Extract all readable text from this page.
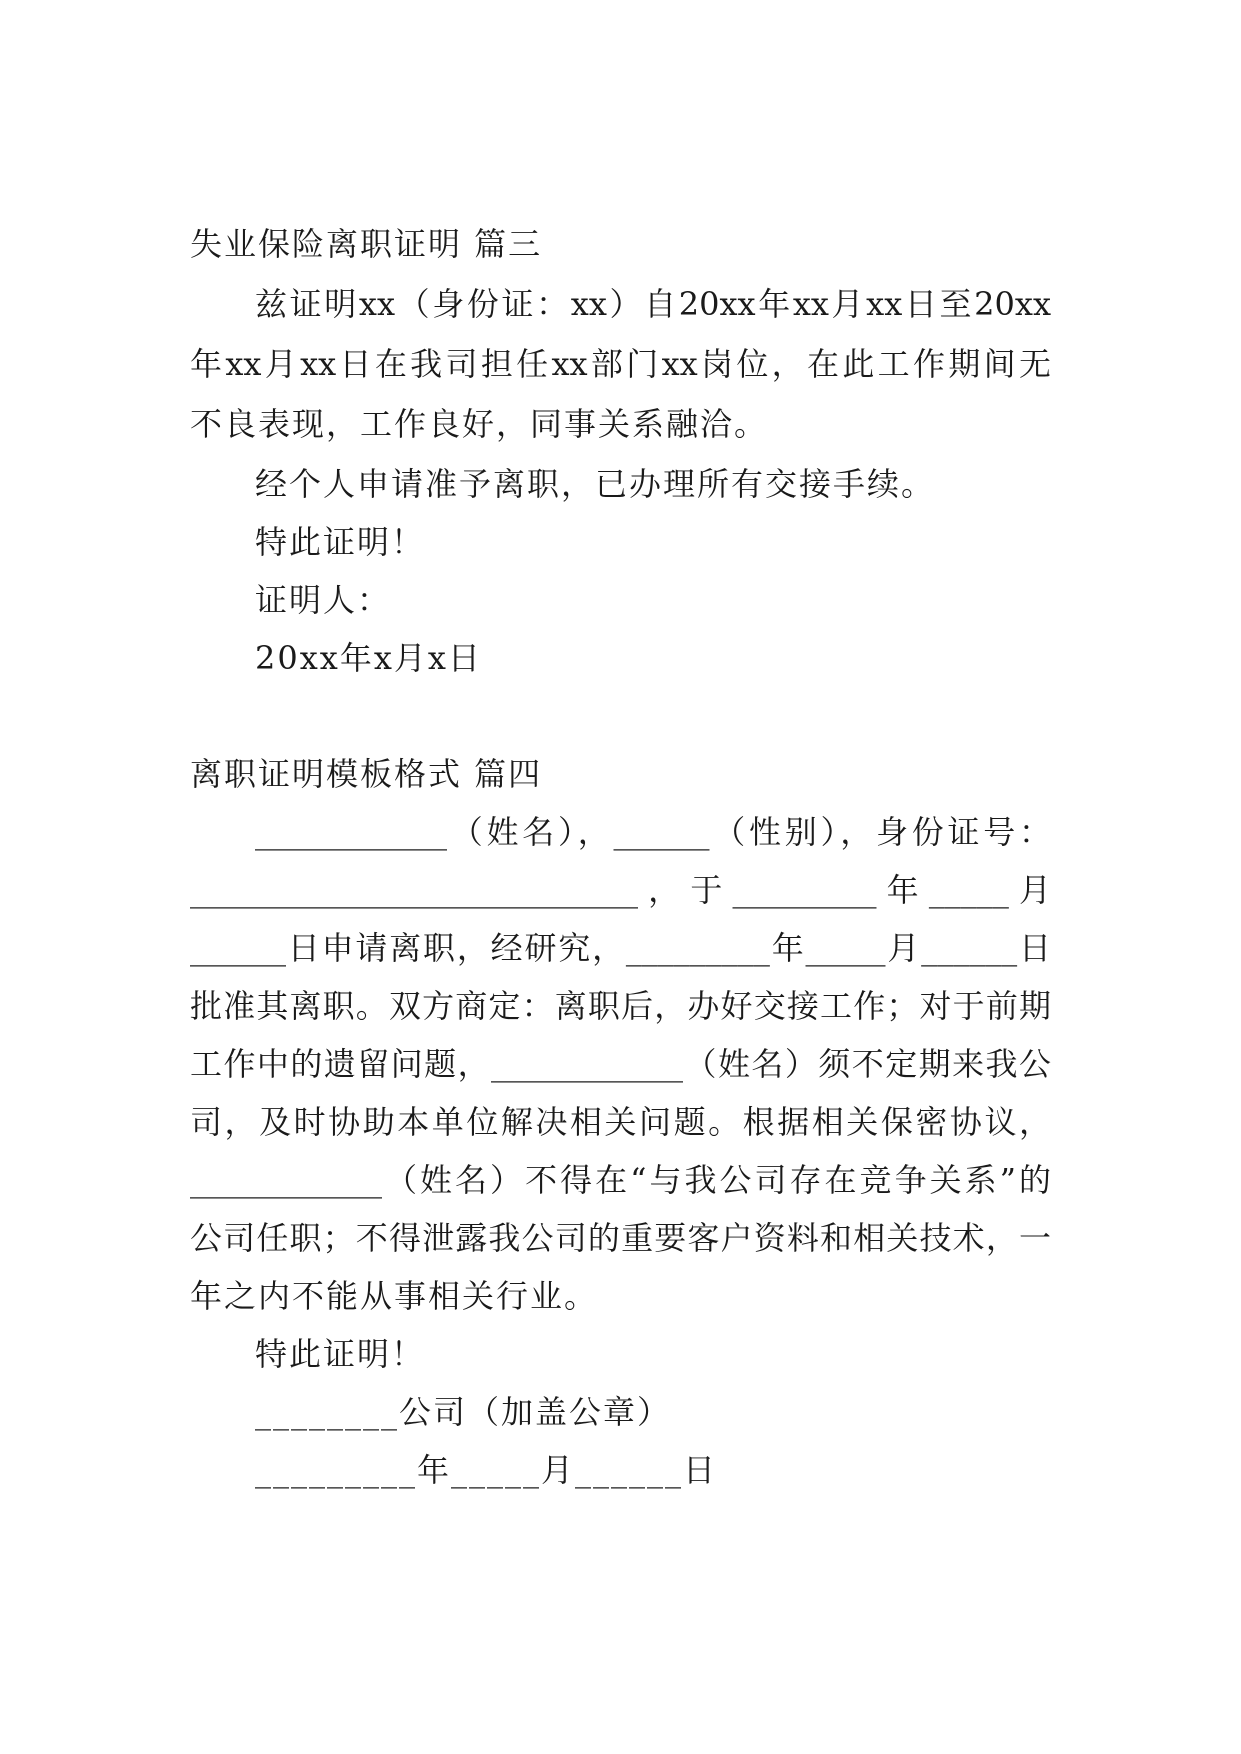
失业保险离职证明 篇三
兹证明xx（身份证：xx）自20xx年xx月xx日至20xx
年xx月xx日在我司担任xx部门xx岗位，在此工作期间无
不良表现，工作良好，同事关系融洽。
经个人申请准予离职，已办理所有交接手续。
特此证明！
证明人：
20xx年x月x日
离职证明模板格式 篇四
____________（姓名），______（性别），身份证号：
____________________________，于_________年_____月
______日申请离职，经研究，_________年_____月______日
批准其离职。双方商定：离职后，办好交接工作；对于前期
工作中的遗留问题，____________（姓名）须不定期来我公
司，及时协助本单位解决相关问题。根据相关保密协议，
____________（姓名）不得在“与我公司存在竞争关系”的
公司任职；不得泄露我公司的重要客户资料和相关技术，一
年之内不能从事相关行业。
特此证明！
________公司（加盖公章）
_________年_____月______日
